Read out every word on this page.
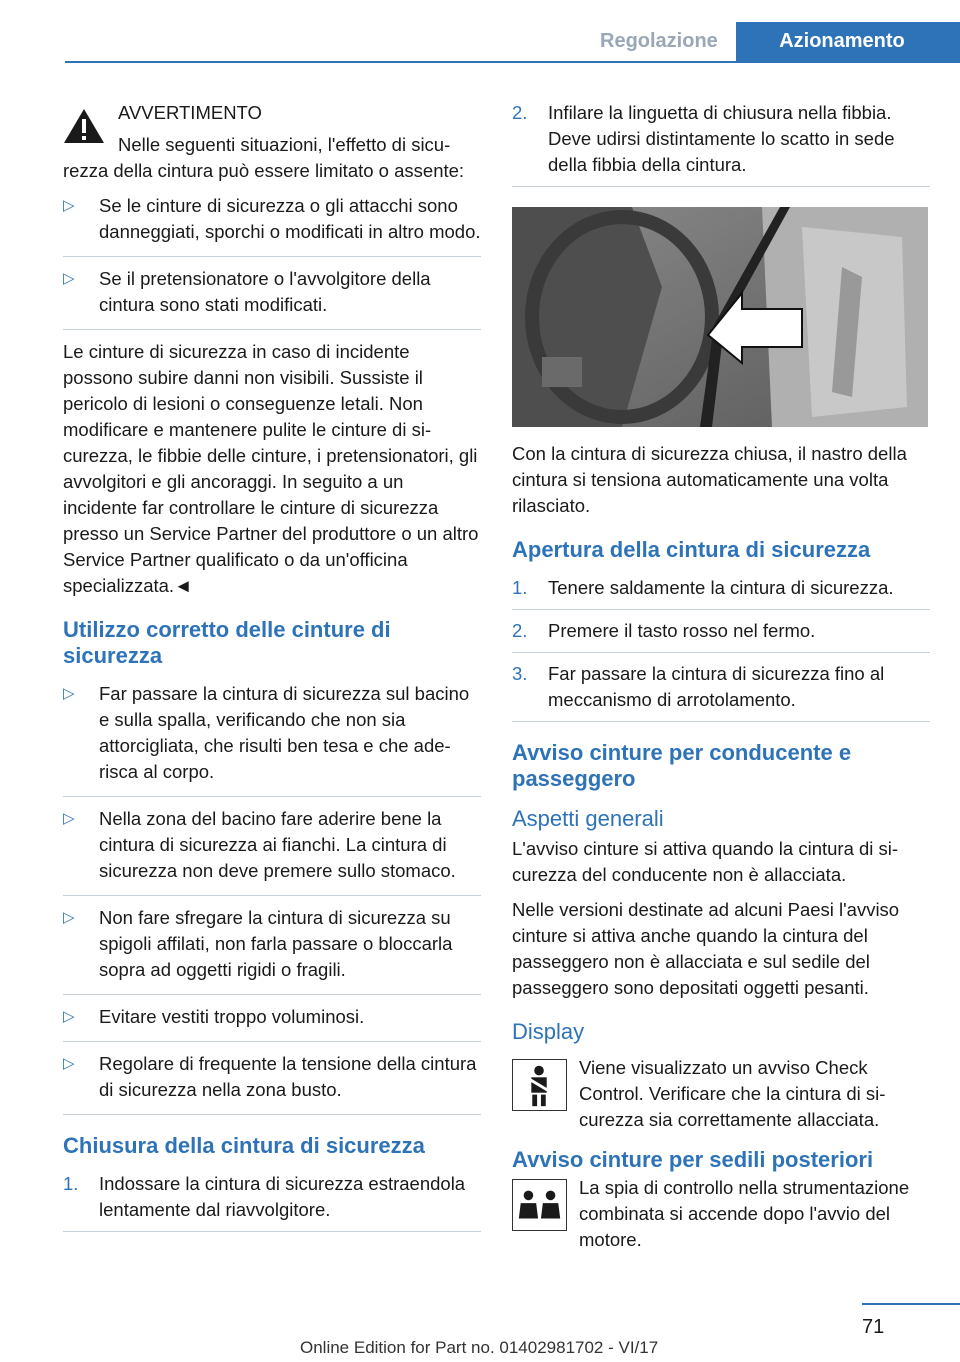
Regolazione	Azionamento

AVVERTIMENTO

Nelle seguenti situazioni, l'effetto di sicurezza della cintura può essere limitato o assente:

▷ Se le cinture di sicurezza o gli attacchi sono danneggiati, sporchi o modificati in altro modo.
▷ Se il pretensionatore o l'avvolgitore della cintura sono stati modificati.

Le cinture di sicurezza in caso di incidente possono subire danni non visibili. Sussiste il pericolo di lesioni o conseguenze letali. Non modificare e mantenere pulite le cinture di sicurezza, le fibbie delle cinture, i pretensionatori, gli avvolgitori e gli ancoraggi. In seguito a un incidente far controllare le cinture di sicurezza presso un Service Partner del produttore o un altro Service Partner qualificato o da un'officina specializzata.◄

Utilizzo corretto delle cinture di sicurezza
▷ Far passare la cintura di sicurezza sul bacino e sulla spalla, verificando che non sia attorcigliata, che risulti ben tesa e che aderisca al corpo.
▷ Nella zona del bacino fare aderire bene la cintura di sicurezza ai fianchi. La cintura di sicurezza non deve premere sullo stomaco.
▷ Non fare sfregare la cintura di sicurezza su spigoli affilati, non farla passare o bloccarla sopra ad oggetti rigidi o fragili.
▷ Evitare vestiti troppo voluminosi.
▷ Regolare di frequente la tensione della cintura di sicurezza nella zona busto.
Chiusura della cintura di sicurezza
1. Indossare la cintura di sicurezza estraendola lentamente dal riavvolgitore.
2. Infilare la linguetta di chiusura nella fibbia. Deve udirsi distintamente lo scatto in sede della fibbia della cintura.

Con la cintura di sicurezza chiusa, il nastro della cintura si tensiona automaticamente una volta rilasciato.

Apertura della cintura di sicurezza
1. Tenere saldamente la cintura di sicurezza.
2. Premere il tasto rosso nel fermo.
3. Far passare la cintura di sicurezza fino al meccanismo di arrotolamento.
Avviso cinture per conducente e passeggero
Aspetti generali

L'avviso cinture si attiva quando la cintura di sicurezza del conducente non è allacciata.

Nelle versioni destinate ad alcuni Paesi l'avviso cinture si attiva anche quando la cintura del passeggero non è allacciata e sul sedile del passeggero sono depositati oggetti pesanti.

Display
Viene visualizzato un avviso Check Control. Verificare che la cintura di sicurezza sia correttamente allacciata.
Avviso cinture per sedili posteriori
La spia di controllo nella strumentazione combinata si accende dopo l'avvio del motore.
71
Online Edition for Part no. 01402981702 - VI/17
